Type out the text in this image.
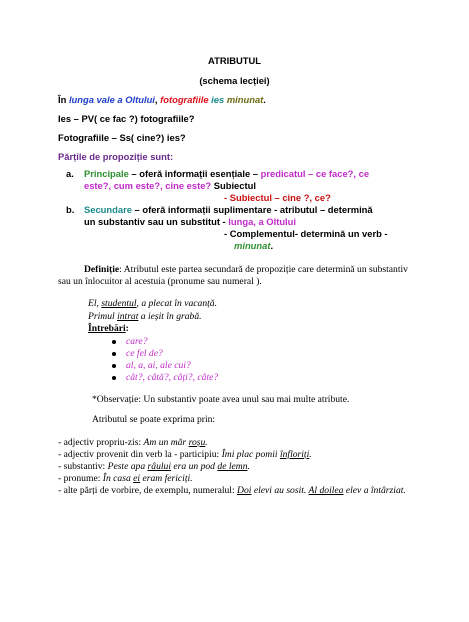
ATRIBUTUL
(schema lecției)
În lunga vale a Oltului, fotografiile ies minunat.
Ies – PV( ce fac ?) fotografiile?
Fotografiile – Ss( cine?) ies?
Părțile de propoziție sunt:
a. Principale – oferă informații esențiale – predicatul – ce face?, ce
este?, cum este?, cine este? Subiectul
- Subiectul – cine ?, ce?
b. Secundare – oferă informații suplimentare - atributul – determină
un substantiv sau un substitut - lunga, a Oltului
- Complementul- determină un verb -
minunat.
Definiție: Atributul este partea secundară de propoziție care determină un substantiv
sau un înlocuitor al acestuia (pronume sau numeral ).
El, studentul, a plecat în vacanță.
Primul intrat a ieșit în grabă.
Întrebări:
care?
ce fel de?
al, a, ai, ale cui?
cât?, câtă?, câți?, câte?
*Observație: Un substantiv poate avea unul sau mai multe atribute.
Atributul se poate exprima prin:
- adjectiv propriu-zis: Am un măr roșu.
- adjectiv provenit din verb la - participiu: Îmi plac pomii înfloriți.
- substantiv: Peste apa râului era un pod de lemn.
- pronume: În casa ei eram fericiți.
- alte părți de vorbire, de exemplu, numeralul: Doi elevi au sosit. Al doilea elev a întârziat.
